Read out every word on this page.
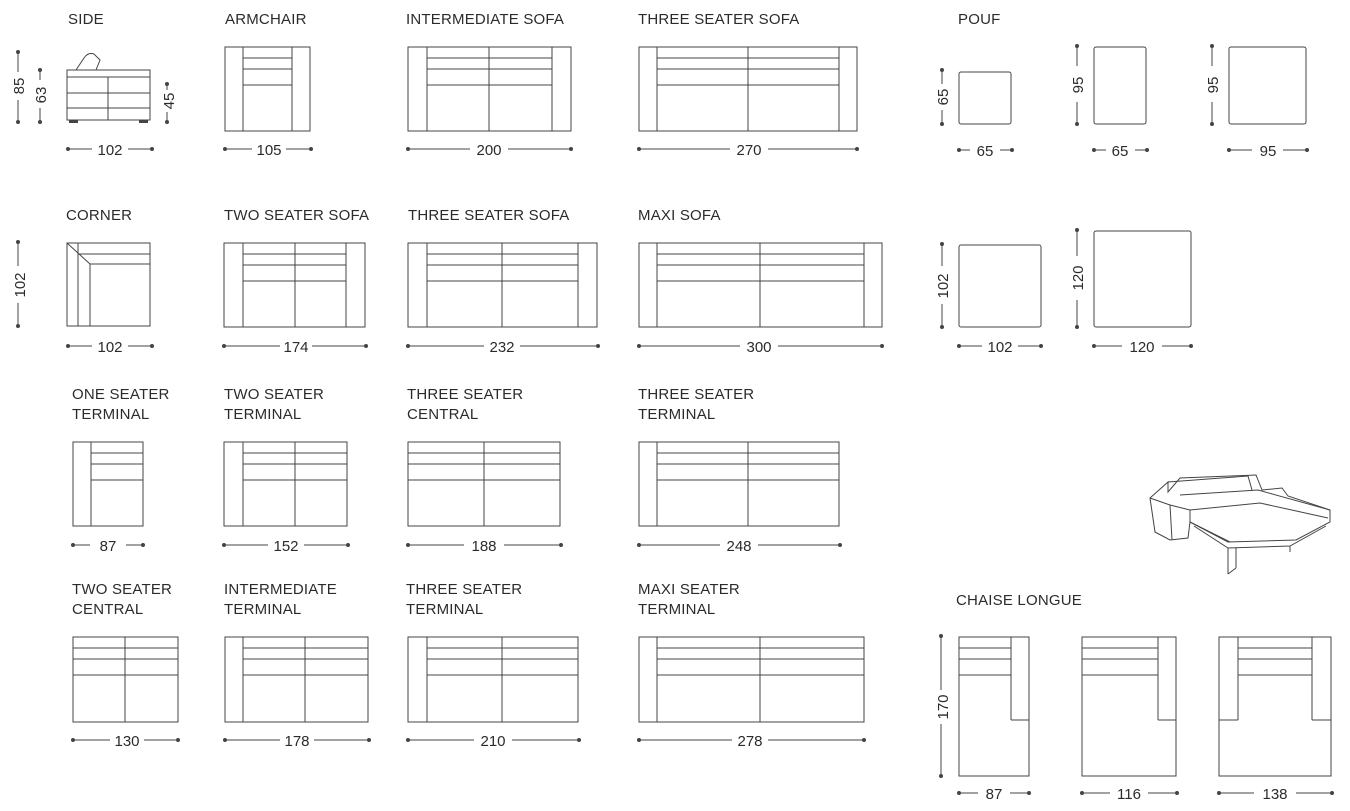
SIDE
85
63	45
102
ARMCHAIR
105
INTERMEDIATE SOFA
200
THREE SEATER SOFA
270
POUF
65
65
95
65
95
95
102
102
120
120
CORNER
102
102
TWO SEATER SOFA
174
THREE SEATER SOFA
232
MAXI SOFA
300
ONE SEATER
TERMINAL
87
TWO SEATER
TERMINAL
152
THREE SEATER
CENTRAL
188
THREE SEATER
TERMINAL
248
TWO SEATER
CENTRAL
130
INTERMEDIATE
TERMINAL
178
THREE SEATER
TERMINAL
210
MAXI SEATER
TERMINAL
278
CHAISE LONGUE
170
87	116	138
